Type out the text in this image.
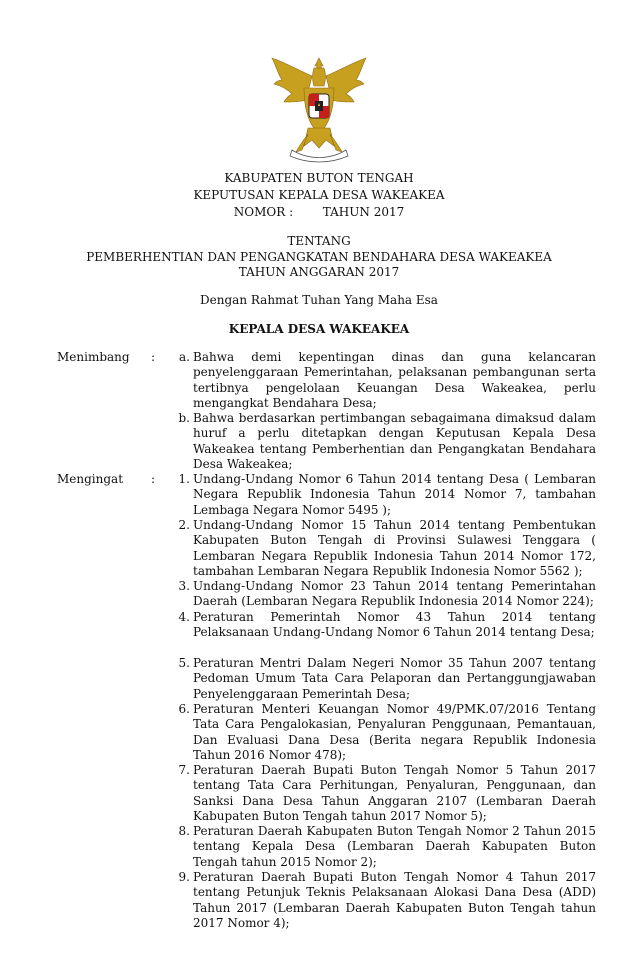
KABUPATEN BUTON TENGAH
KEPUTUSAN KEPALA DESA WAKEAKEA
NOMOR : TAHUN 2017
TENTANG
PEMBERHENTIAN DAN PENGANGKATAN BENDAHARA DESA WAKEAKEA
TAHUN ANGGARAN 2017
Dengan Rahmat Tuhan Yang Maha Esa
KEPALA DESA WAKEAKEA
Menimbang :	a. Bahwa demi kepentingan dinas dan guna kelancaran penyelenggaraan Pemerintahan, pelaksanan pembangunan serta tertibnya pengelolaan Keuangan Desa Wakeakea, perlu mengangkat Bendahara Desa;
b. Bahwa berdasarkan pertimbangan sebagaimana dimaksud dalam huruf a perlu ditetapkan dengan Keputusan Kepala Desa Wakeakea tentang Pemberhentian dan Pengangkatan Bendahara Desa Wakeakea;
Mengingat :	1. Undang-Undang Nomor 6 Tahun 2014 tentang Desa ( Lembaran Negara Republik Indonesia Tahun 2014 Nomor 7, tambahan Lembaga Negara Nomor 5495 );
2. Undang-Undang Nomor 15 Tahun 2014 tentang Pembentukan Kabupaten Buton Tengah di Provinsi Sulawesi Tenggara ( Lembaran Negara Republik Indonesia Tahun 2014 Nomor 172, tambahan Lembaran Negara Republik Indonesia Nomor 5562 );
3. Undang-Undang Nomor 23 Tahun 2014 tentang Pemerintahan Daerah (Lembaran Negara Republik Indonesia 2014 Nomor 224);
4. Peraturan Pemerintah Nomor 43 Tahun 2014 tentang Pelaksanaan Undang-Undang Nomor 6 Tahun 2014 tentang Desa;
5. Peraturan Mentri Dalam Negeri Nomor 35 Tahun 2007 tentang Pedoman Umum Tata Cara Pelaporan dan Pertanggungjawaban Penyelenggaraan Pemerintah Desa;
6. Peraturan Menteri Keuangan Nomor 49/PMK.07/2016 Tentang Tata Cara Pengalokasian, Penyaluran Penggunaan, Pemantauan, Dan Evaluasi Dana Desa (Berita negara Republik Indonesia Tahun 2016 Nomor 478);
7. Peraturan Daerah Bupati Buton Tengah Nomor 5 Tahun 2017 tentang Tata Cara Perhitungan, Penyaluran, Penggunaan, dan Sanksi Dana Desa Tahun Anggaran 2107 (Lembaran Daerah Kabupaten Buton Tengah tahun 2017 Nomor 5);
8. Peraturan Daerah Kabupaten Buton Tengah Nomor 2 Tahun 2015 tentang Kepala Desa (Lembaran Daerah Kabupaten Buton Tengah tahun 2015 Nomor 2);
9. Peraturan Daerah Bupati Buton Tengah Nomor 4 Tahun 2017 tentang Petunjuk Teknis Pelaksanaan Alokasi Dana Desa (ADD) Tahun 2017 (Lembaran Daerah Kabupaten Buton Tengah tahun 2017 Nomor 4);
